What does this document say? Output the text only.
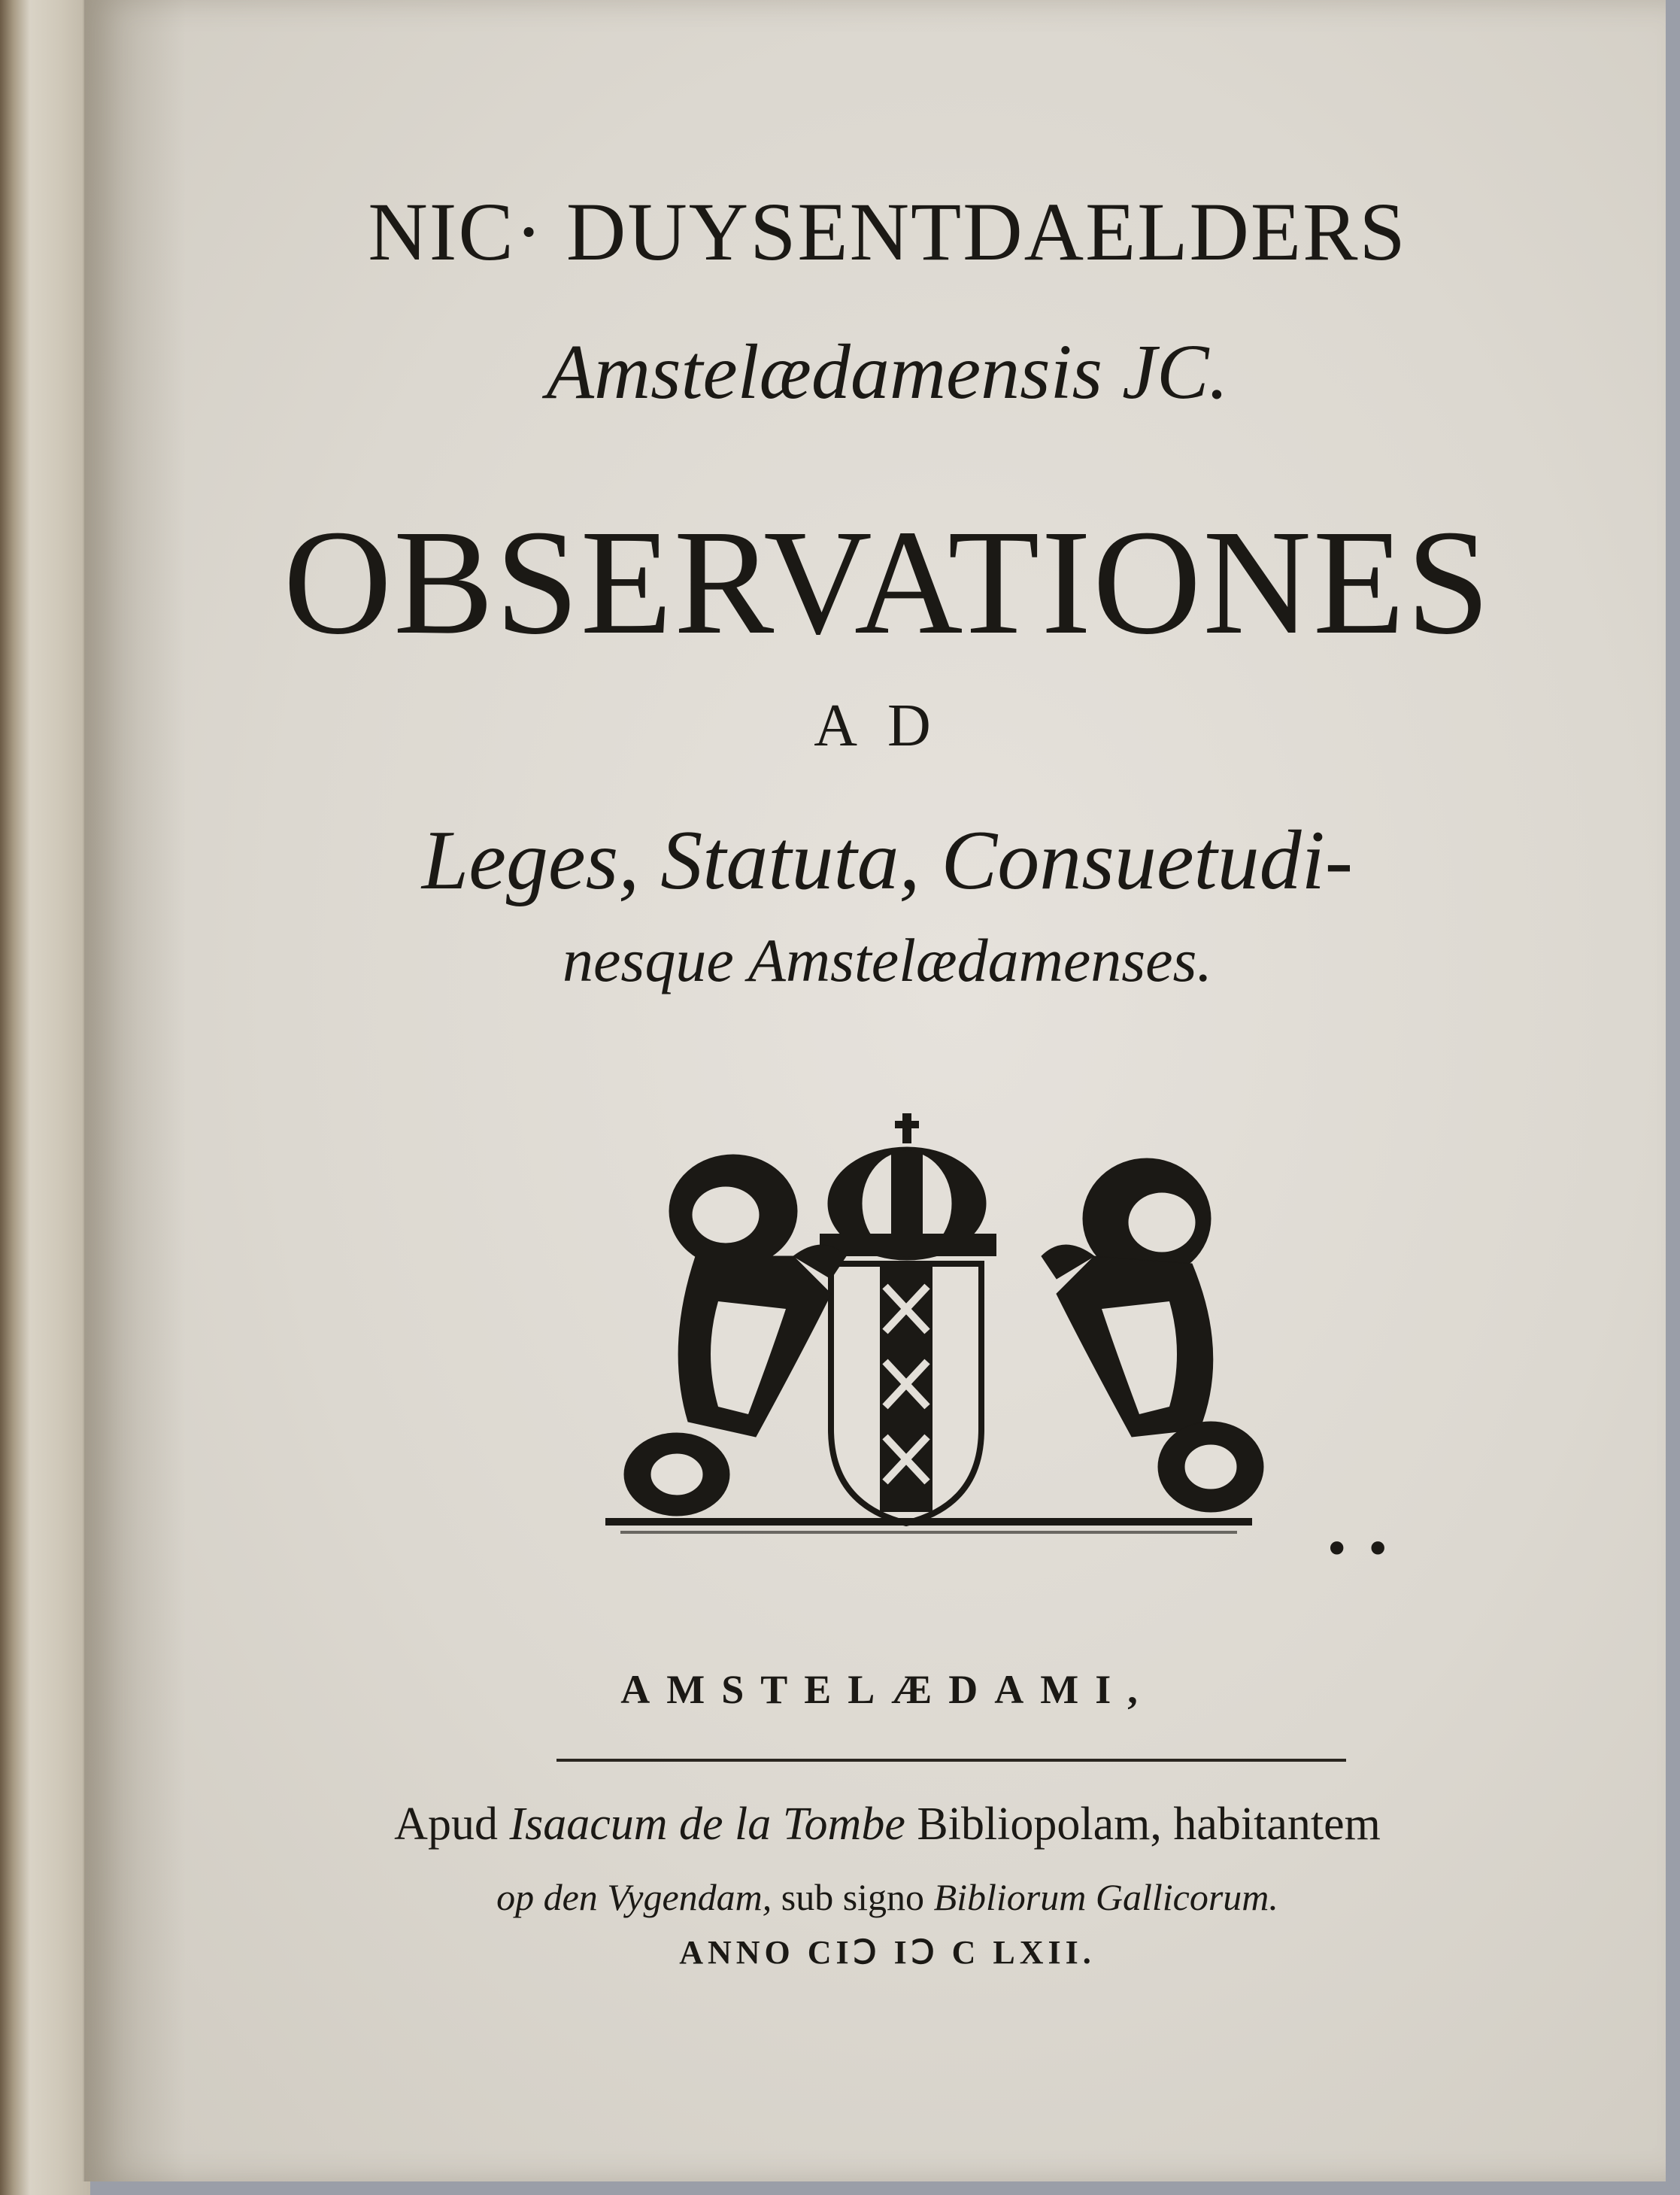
NIC· DUYSENTDAELDERS
Amstelædamensis JC.
OBSERVATIONES
AD
Leges, Statuta, Consuetudi-
nesque Amstelædamenses.
• •
AMSTELÆDAMI,
Apud Isaacum de la Tombe Bibliopolam, habitantem
op den Vygendam, sub signo Bibliorum Gallicorum.
ANNO CIↃ IↃ C LXII.
